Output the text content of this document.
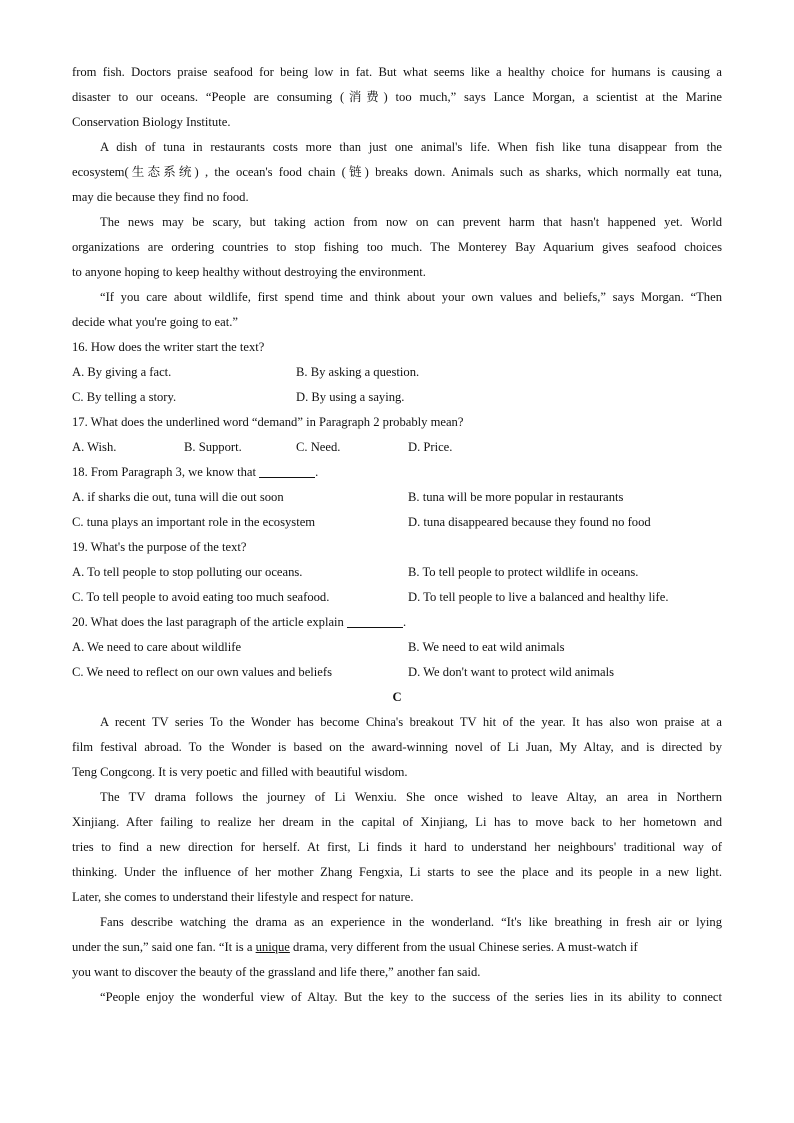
from fish. Doctors praise seafood for being low in fat. But what seems like a healthy choice for humans is causing a
disaster to our oceans. “People are consuming (消费) too much,” says Lance Morgan, a scientist at the Marine
Conservation Biology Institute.
A dish of tuna in restaurants costs more than just one animal's life. When fish like tuna disappear from the
ecosystem(生态系统) , the ocean's food chain (链) breaks down. Animals such as sharks, which normally eat tuna,
may die because they find no food.
The news may be scary, but taking action from now on can prevent harm that hasn't happened yet. World
organizations are ordering countries to stop fishing too much. The Monterey Bay Aquarium gives seafood choices
to anyone hoping to keep healthy without destroying the environment.
“If you care about wildlife, first spend time and think about your own values and beliefs,” says Morgan. “Then
decide what you're going to eat.”
16. How does the writer start the text?
A. By giving a fact.	B. By asking a question.
C. By telling a story.	D. By using a saying.
17. What does the underlined word “demand” in Paragraph 2 probably mean?
A. Wish.	B. Support.	C. Need.	D. Price.
18. From Paragraph 3, we know that	.
A. if sharks die out, tuna will die out soon	B. tuna will be more popular in restaurants
C. tuna plays an important role in the ecosystem	D. tuna disappeared because they found no food
19. What's the purpose of the text?
A. To tell people to stop polluting our oceans.	B. To tell people to protect wildlife in oceans.
C. To tell people to avoid eating too much seafood.	D. To tell people to live a balanced and healthy life.
20. What does the last paragraph of the article explain	.
A. We need to care about wildlife	B. We need to eat wild animals
C. We need to reflect on our own values and beliefs	D. We don't want to protect wild animals
C
A recent TV series To the Wonder has become China's breakout TV hit of the year. It has also won praise at a
film festival abroad. To the Wonder is based on the award-winning novel of Li Juan, My Altay, and is directed by
Teng Congcong. It is very poetic and filled with beautiful wisdom.
The TV drama follows the journey of Li Wenxiu. She once wished to leave Altay, an area in Northern
Xinjiang. After failing to realize her dream in the capital of Xinjiang, Li has to move back to her hometown and
tries to find a new direction for herself. At first, Li finds it hard to understand her neighbours' traditional way of
thinking. Under the influence of her mother Zhang Fengxia, Li starts to see the place and its people in a new light.
Later, she comes to understand their lifestyle and respect for nature.
Fans describe watching the drama as an experience in the wonderland. “It's like breathing in fresh air or lying
under the sun,” said one fan. “It is a unique drama, very different from the usual Chinese series. A must-watch if
you want to discover the beauty of the grassland and life there,” another fan said.
“People enjoy the wonderful view of Altay. But the key to the success of the series lies in its ability to connect
